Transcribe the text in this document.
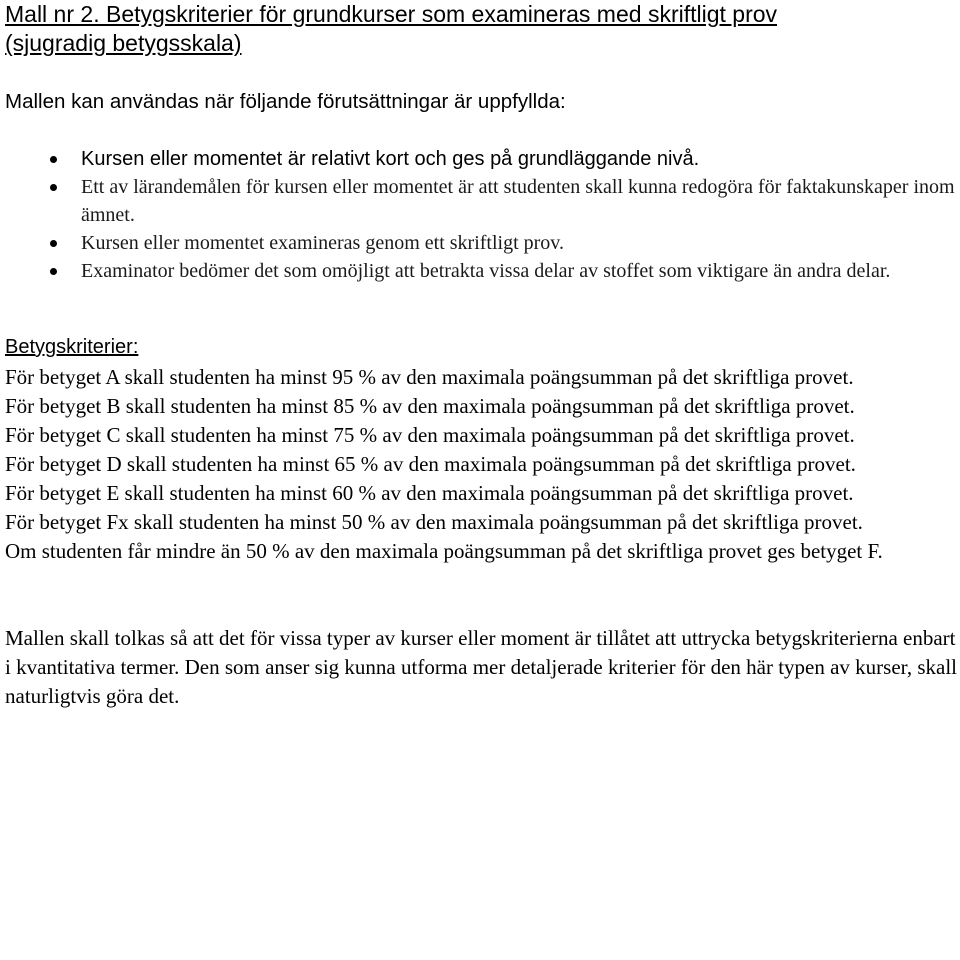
Mall nr 2. Betygskriterier för grundkurser som examineras med skriftligt prov
(sjugradig betygsskala)

Mallen kan användas när följande förutsättningar är uppfyllda:

Kursen eller momentet är relativt kort och ges på grundläggande nivå.
Ett av lärandemålen för kursen eller momentet är att studenten skall kunna redogöra för faktakunskaper inom ämnet.
Kursen eller momentet examineras genom ett skriftligt prov.
Examinator bedömer det som omöjligt att betrakta vissa delar av stoffet som viktigare än andra delar.
Betygskriterier:

För betyget A skall studenten ha minst 95 % av den maximala poängsumman på det skriftliga provet.

För betyget B skall studenten ha minst 85 % av den maximala poängsumman på det skriftliga provet.

För betyget C skall studenten ha minst 75 % av den maximala poängsumman på det skriftliga provet.

För betyget D skall studenten ha minst 65 % av den maximala poängsumman på det skriftliga provet.

För betyget E skall studenten ha minst 60 % av den maximala poängsumman på det skriftliga provet.

För betyget Fx skall studenten ha minst 50 % av den maximala poängsumman på det skriftliga provet.

Om studenten får mindre än 50 % av den maximala poängsumman på det skriftliga provet ges betyget F.

Mallen skall tolkas så att det för vissa typer av kurser eller moment är tillåtet att uttrycka betygskriterierna enbart i kvantitativa termer. Den som anser sig kunna utforma mer detaljerade kriterier för den här typen av kurser, skall naturligtvis göra det.
